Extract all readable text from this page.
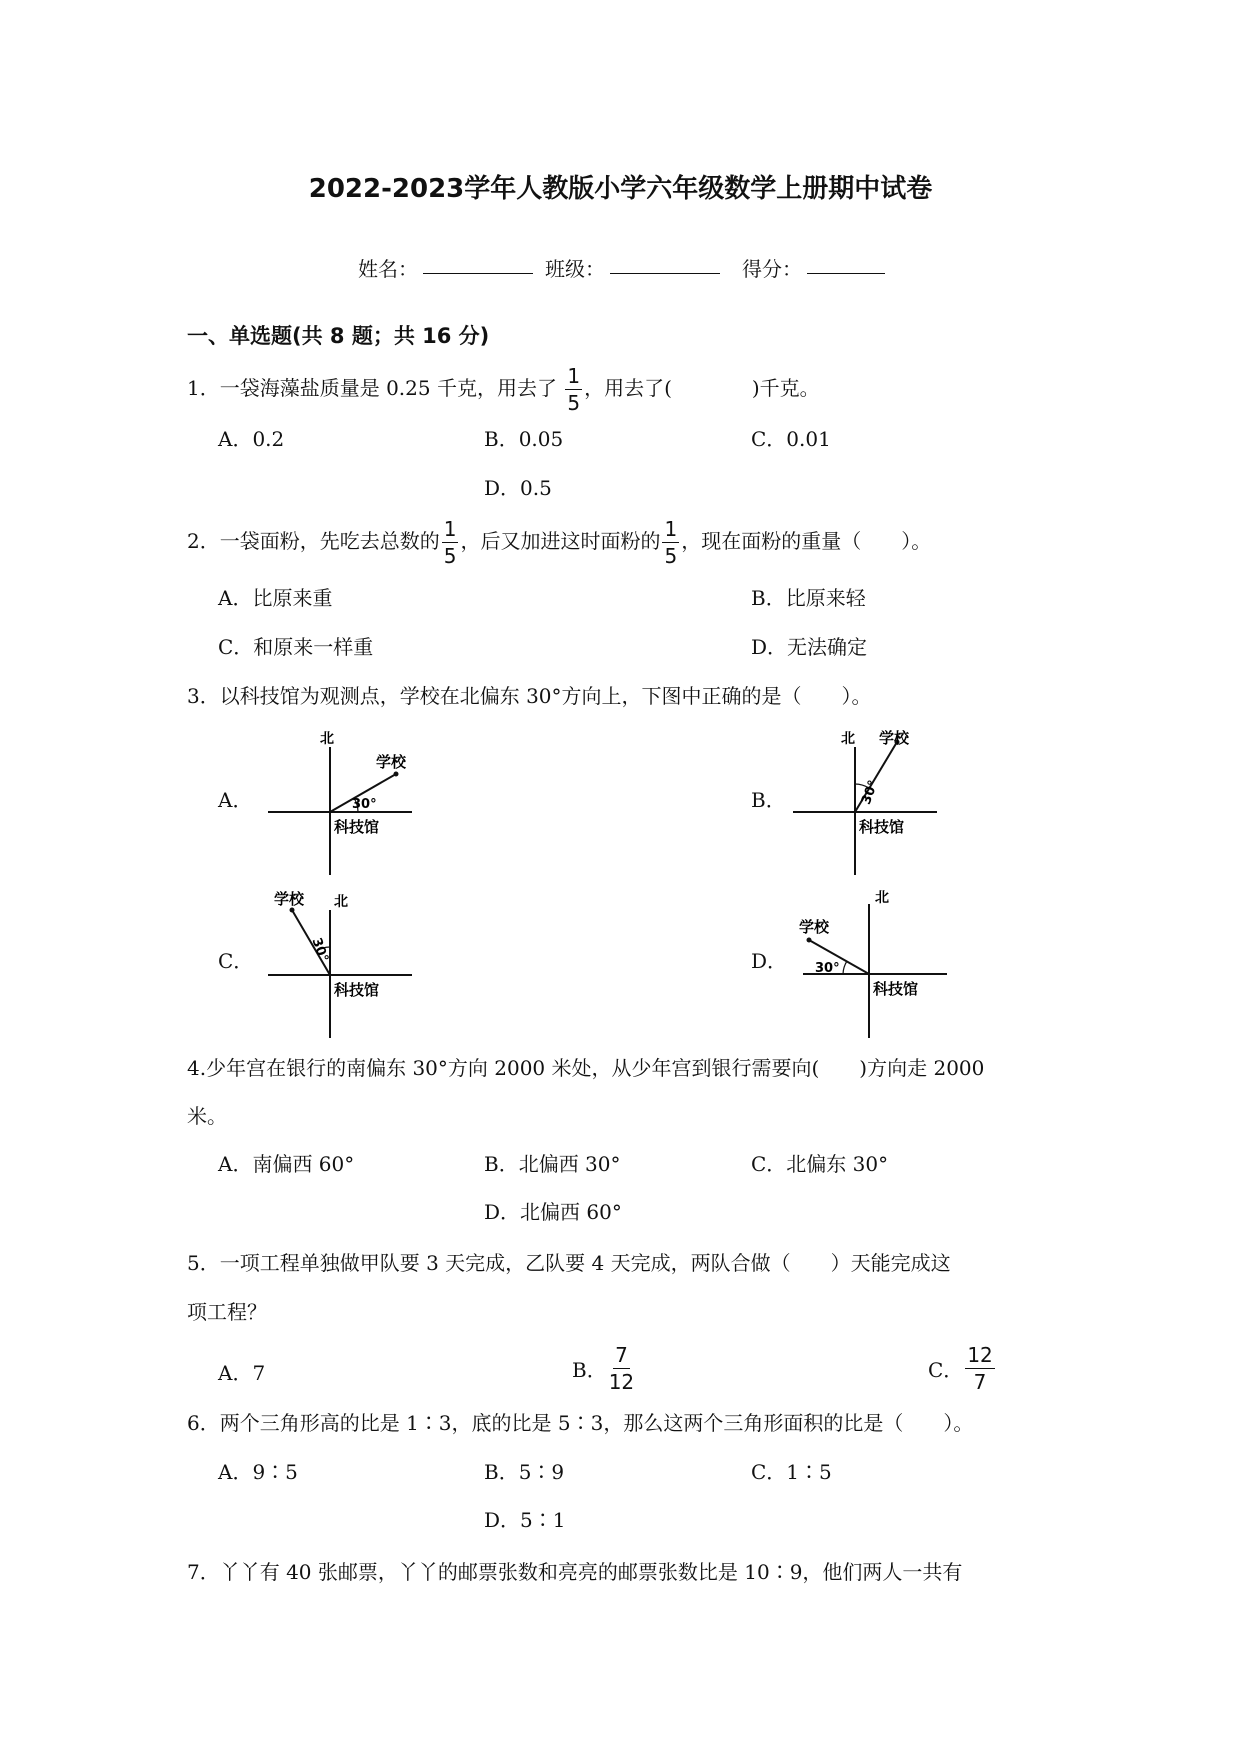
2022-2023学年人教版小学六年级数学上册期中试卷
姓名：	班级：	得分：
一、单选题(共 8 题；共 16 分)
1．一袋海藻盐质量是 0.25 千克，用去了 $\frac{1}{5}$ ，用去了(　　　　)千克。
A．0.2	B．0.05	C．0.01
D．0.5
2．一袋面粉，先吃去总数的 $\frac{1}{5}$ ，后又加进这时面粉的 $\frac{1}{5}$ ，现在面粉的重量（　　）。
A．比原来重	B．比原来轻
C．和原来一样重	D．无法确定
3．以科技馆为观测点，学校在北偏东 30°方向上，下图中正确的是（　　）。
A．
北
学校
30°
科技馆
B．
北 学校
30°
科技馆
C．
北
学校
30°
科技馆
D．
北
学校
30°
科技馆
4.少年宫在银行的南偏东 30°方向 2000 米处，从少年宫到银行需要向(　　)方向走 2000
米。
A．南偏西 60°	B．北偏西 30°	C．北偏东 30°
D．北偏西 60°
5．一项工程单独做甲队要 3 天完成，乙队要 4 天完成，两队合做（　　）天能完成这
项工程？
A．7	B． $\frac{7}{12}$	C． $\frac{12}{7}$
6．两个三角形高的比是 1∶3，底的比是 5∶3，那么这两个三角形面积的比是（　　）。
A．9∶5	B．5∶9	C．1∶5
D．5∶1
7．丫丫有 40 张邮票，丫丫的邮票张数和亮亮的邮票张数比是 10∶9，他们两人一共有
